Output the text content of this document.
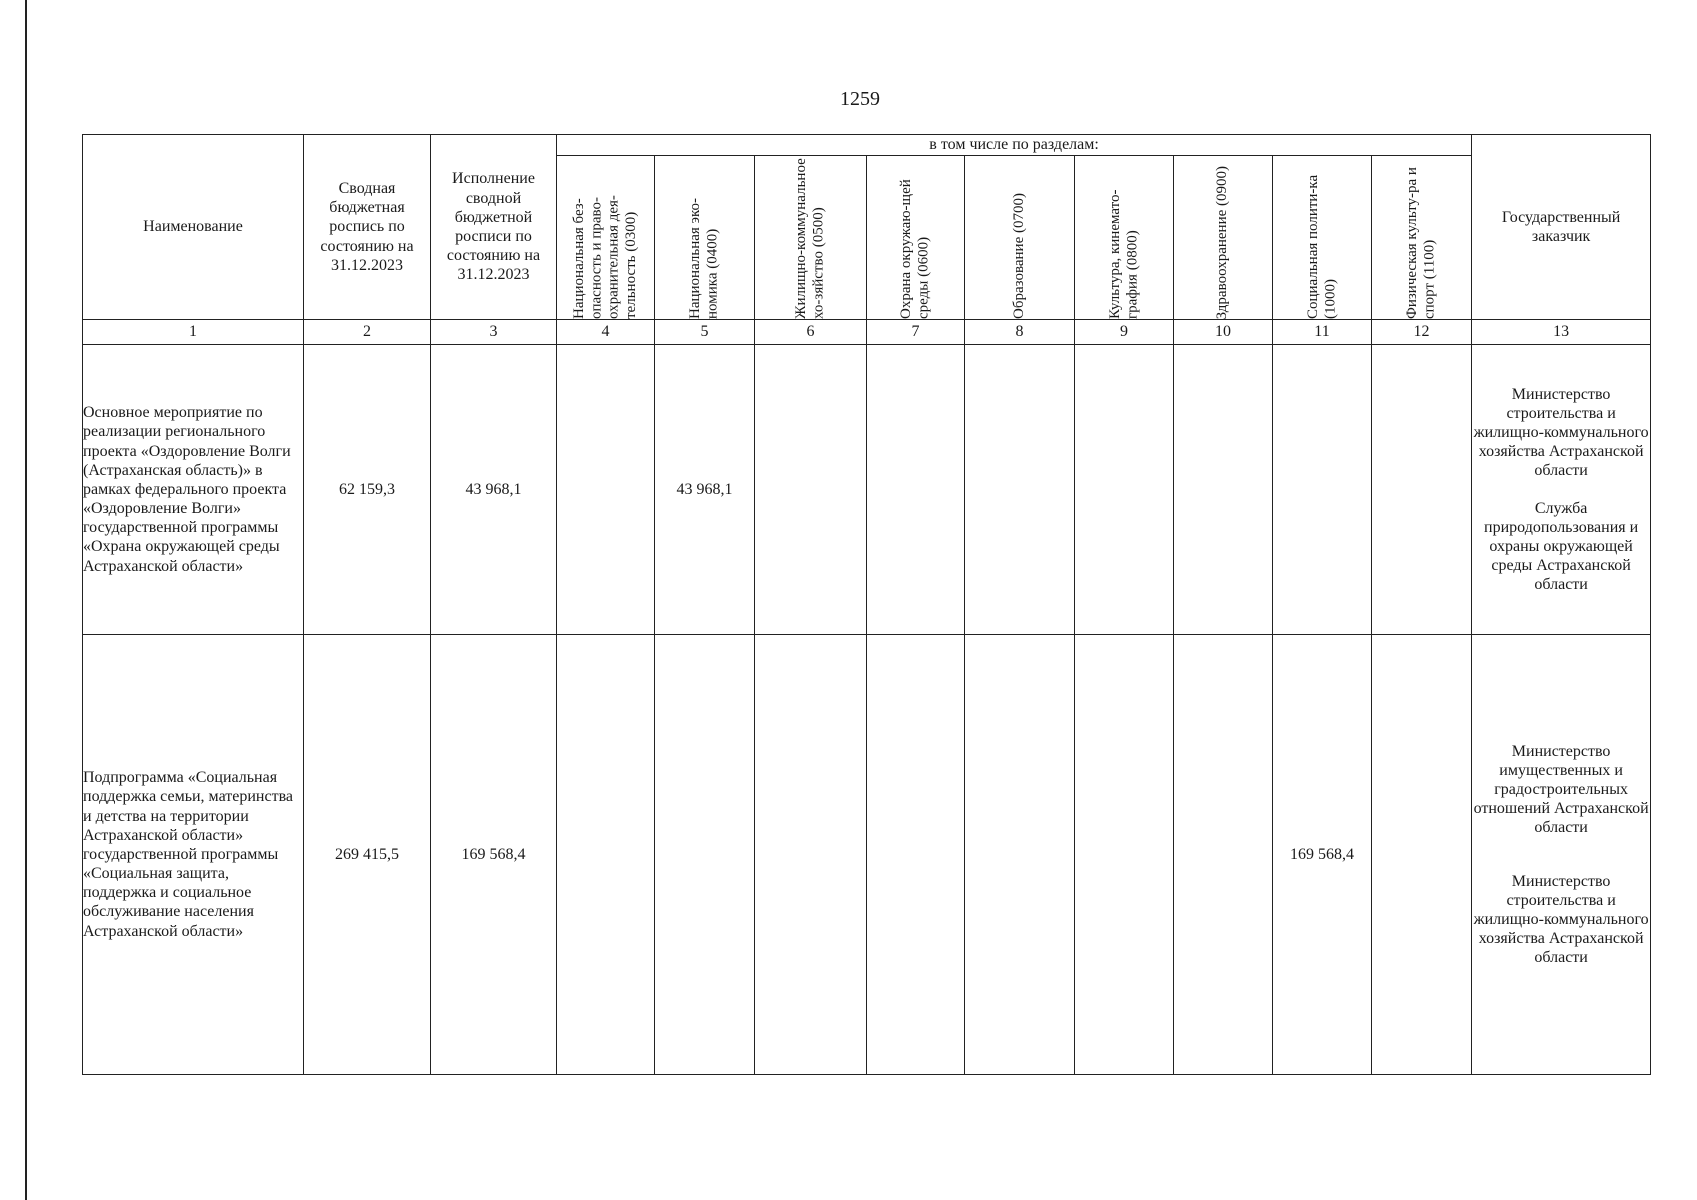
1259
Наименование	Сводная бюджетная роспись по состоянию на 31.12.2023	Исполнение сводной бюджетной росписи по состоянию на 31.12.2023	в том числе по разделам:									Государственный заказчик

			Национальная без-опасность и право-охранительная дея-тельность (0300)	Национальная эко-номика (0400)	Жилищно-коммунальное хо-зяйство (0500)	Охрана окружаю-щей среды (0600)	Образование (0700)	Культура, кинемато-графия (0800)	Здравоохранение (0900)	Социальная полити-ка (1000)	Физическая культу-ра и спорт (1100)	

1	2	3	4	5	6	7	8	9	10	11	12	13
Основное мероприятие по реализации регионального проекта «Оздоровление Волги (Астраханская область)» в рамках федерального проекта «Оздоровление Волги» государственной программы «Охрана окружающей среды Астраханской области»	62 159,3	43 968,1		43 968,1								Министерство строительства и жилищно-коммунального хозяйства Астраханской области
Служба природопользования и охраны окружающей среды Астраханской области

Подпрограмма «Социальная поддержка семьи, материнства и детства на территории Астраханской области» государственной программы «Социальная защита, поддержка и социальное обслуживание населения Астраханской области»	269 415,5	169 568,4								169 568,4		Министерство имущественных и градостроительных отношений Астраханской области
Министерство строительства и жилищно-коммунального хозяйства Астраханской области
